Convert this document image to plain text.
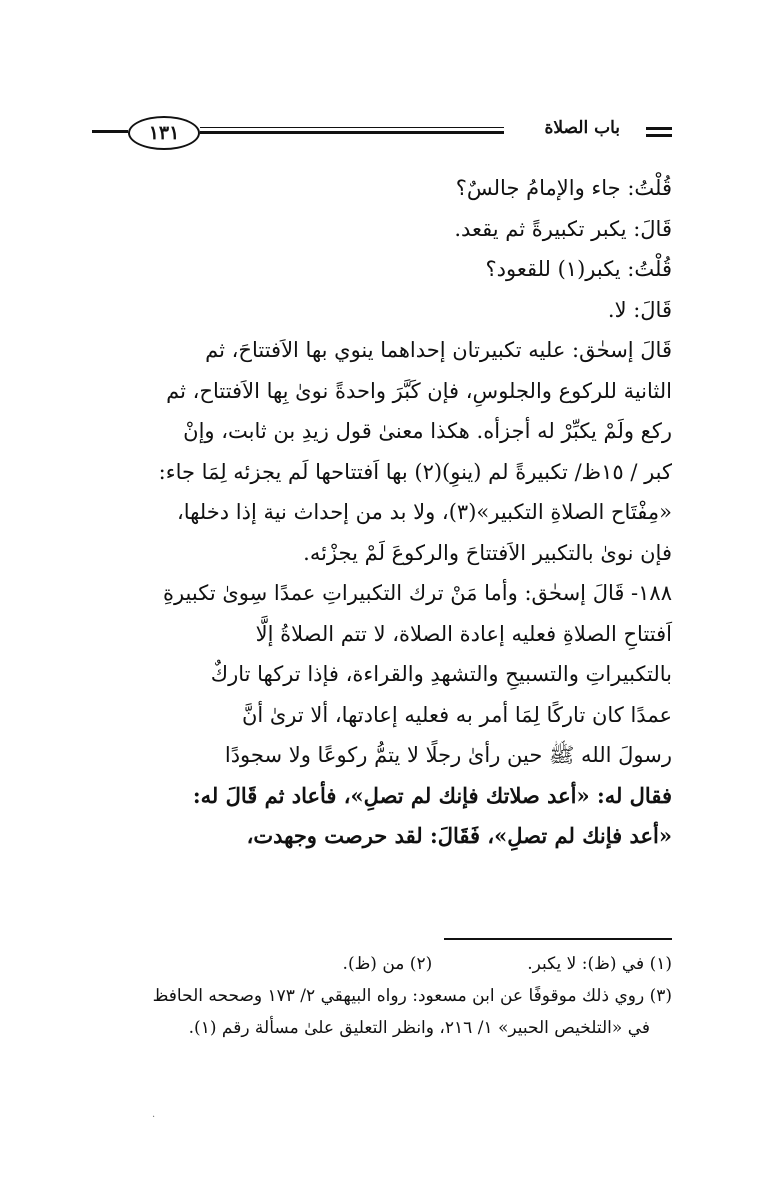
١٣١	باب الصلاة
قُلْتُ: جاء والإمامُ جالسٌ؟
قَالَ: يكبر تكبيرةً ثم يقعد.
قُلْتُ: يكبر(١) للقعود؟
قَالَ: لا.
قَالَ إسحٰق: عليه تكبيرتان إحداهما ينوي بها الاَفتتاحَ، ثم
الثانية للركوع والجلوسِ، فإن كَبَّرَ واحدةً نوىٰ بِها الاَفتتاح، ثم
ركع ولَمْ يكبِّرْ له أجزأه. هكذا معنىٰ قول زيدِ بن ثابت، وإنْ
كبر / ١٥ظ/ تكبيرةً لم (ينوِ)(٢) بها اَفتتاحها لَم يجزئه لِمَا جاء:
«مِفْتَاح الصلاةِ التكبير»(٣)، ولا بد من إحداث نية إذا دخلها،
فإن نوىٰ بالتكبير الاَفتتاحَ والركوعَ لَمْ يجزْئه.
١٨٨- قَالَ إسحٰق: وأما مَنْ ترك التكبيراتِ عمدًا سِوىٰ تكبيرةِ
اَفتتاحِ الصلاةِ فعليه إعادة الصلاة، لا تتم الصلاةُ إلَّا
بالتكبيراتِ والتسبيحِ والتشهدِ والقراءة، فإذا تركها تاركٌ
عمدًا كان تاركًا لِمَا أمر به فعليه إعادتها، ألا ترىٰ أنَّ
رسولَ الله ﷺ حين رأىٰ رجلًا لا يتمُّ ركوعًا ولا سجودًا
فقال له: «أعد صلاتك فإنك لم تصلِ»، فأعاد ثم قَالَ له:
«أعد فإنك لم تصلِ»، فَقَالَ: لقد حرصت وجهدت،
(١) في (ظ): لا يكبر.
(٢) من (ظ).
(٣) روي ذلك موقوفًا عن ابن مسعود: رواه البيهقي ٢/ ١٧٣ وصححه الحافظ
في «التلخيص الحبير» ١/ ٢١٦، وانظر التعليق علىٰ مسألة رقم (١).
·
